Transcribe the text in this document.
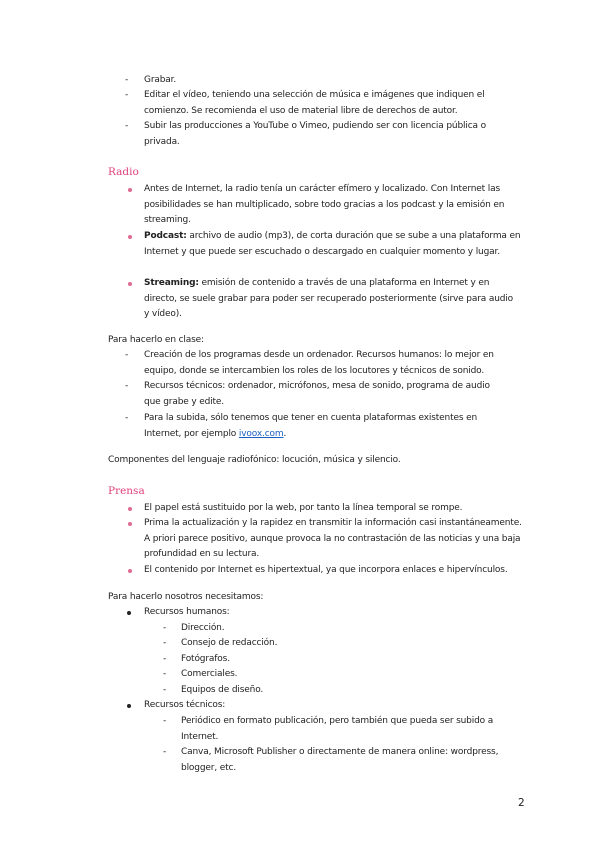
- Grabar.
- Editar el vídeo, teniendo una selección de música e imágenes que indiquen el comienzo. Se recomienda el uso de material libre de derechos de autor.
- Subir las producciones a YouTube o Vimeo, pudiendo ser con licencia pública o privada.
Radio
Antes de Internet, la radio tenía un carácter efímero y localizado. Con Internet las posibilidades se han multiplicado, sobre todo gracias a los podcast y la emisión en streaming.
Podcast: archivo de audio (mp3), de corta duración que se sube a una plataforma en Internet y que puede ser escuchado o descargado en cualquier momento y lugar.
Streaming: emisión de contenido a través de una plataforma en Internet y en directo, se suele grabar para poder ser recuperado posteriormente (sirve para audio y vídeo).
Para hacerlo en clase:
- Creación de los programas desde un ordenador. Recursos humanos: lo mejor en equipo, donde se intercambien los roles de los locutores y técnicos de sonido.
- Recursos técnicos: ordenador, micrófonos, mesa de sonido, programa de audio que grabe y edite.
- Para la subida, sólo tenemos que tener en cuenta plataformas existentes en Internet, por ejemplo ivoox.com.
Componentes del lenguaje radiofónico: locución, música y silencio.
Prensa
El papel está sustituido por la web, por tanto la línea temporal se rompe.
Prima la actualización y la rapidez en transmitir la información casi instantáneamente. A priori parece positivo, aunque provoca la no contrastación de las noticias y una baja profundidad en su lectura.
El contenido por Internet es hipertextual, ya que incorpora enlaces e hipervínculos.
Para hacerlo nosotros necesitamos:
Recursos humanos:
- Dirección.
- Consejo de redacción.
- Fotógrafos.
- Comerciales.
- Equipos de diseño.
Recursos técnicos:
- Periódico en formato publicación, pero también que pueda ser subido a Internet.
- Canva, Microsoft Publisher o directamente de manera online: wordpress, blogger, etc.
2
